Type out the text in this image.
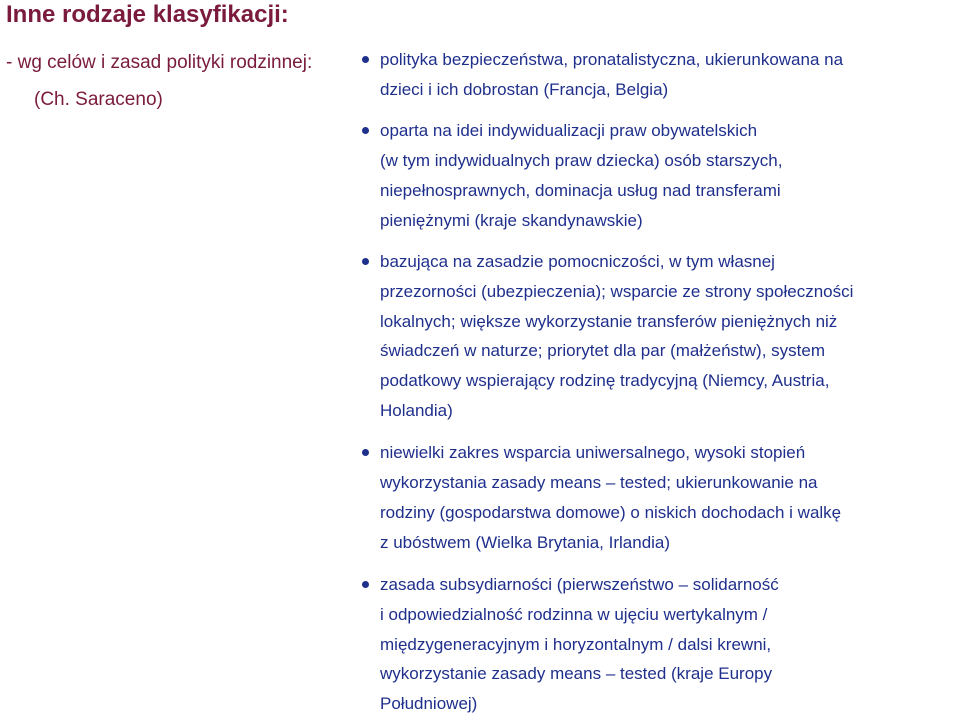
Inne rodzaje klasyfikacji:
- wg celów i zasad polityki rodzinnej:
(Ch. Saraceno)
polityka bezpieczeństwa, pronatalistyczna, ukierunkowana na
dzieci i ich dobrostan (Francja, Belgia)
oparta na idei indywidualizacji praw obywatelskich
(w tym indywidualnych praw dziecka) osób starszych,
niepełnosprawnych, dominacja usług nad transferami
pieniężnymi (kraje skandynawskie)
bazująca na zasadzie pomocniczości, w tym własnej
przezorności (ubezpieczenia); wsparcie ze strony społeczności
lokalnych; większe wykorzystanie transferów pieniężnych niż
świadczeń w naturze; priorytet dla par (małżeństw), system
podatkowy wspierający rodzinę tradycyjną (Niemcy, Austria,
Holandia)
niewielki zakres wsparcia uniwersalnego, wysoki stopień
wykorzystania zasady means – tested; ukierunkowanie na
rodziny (gospodarstwa domowe) o niskich dochodach i walkę
z ubóstwem (Wielka Brytania, Irlandia)
zasada subsydiarności (pierwszeństwo – solidarność
i odpowiedzialność rodzinna w ujęciu wertykalnym /
międzygeneracyjnym i horyzontalnym / dalsi krewni,
wykorzystanie zasady means – tested (kraje Europy
Południowej)
